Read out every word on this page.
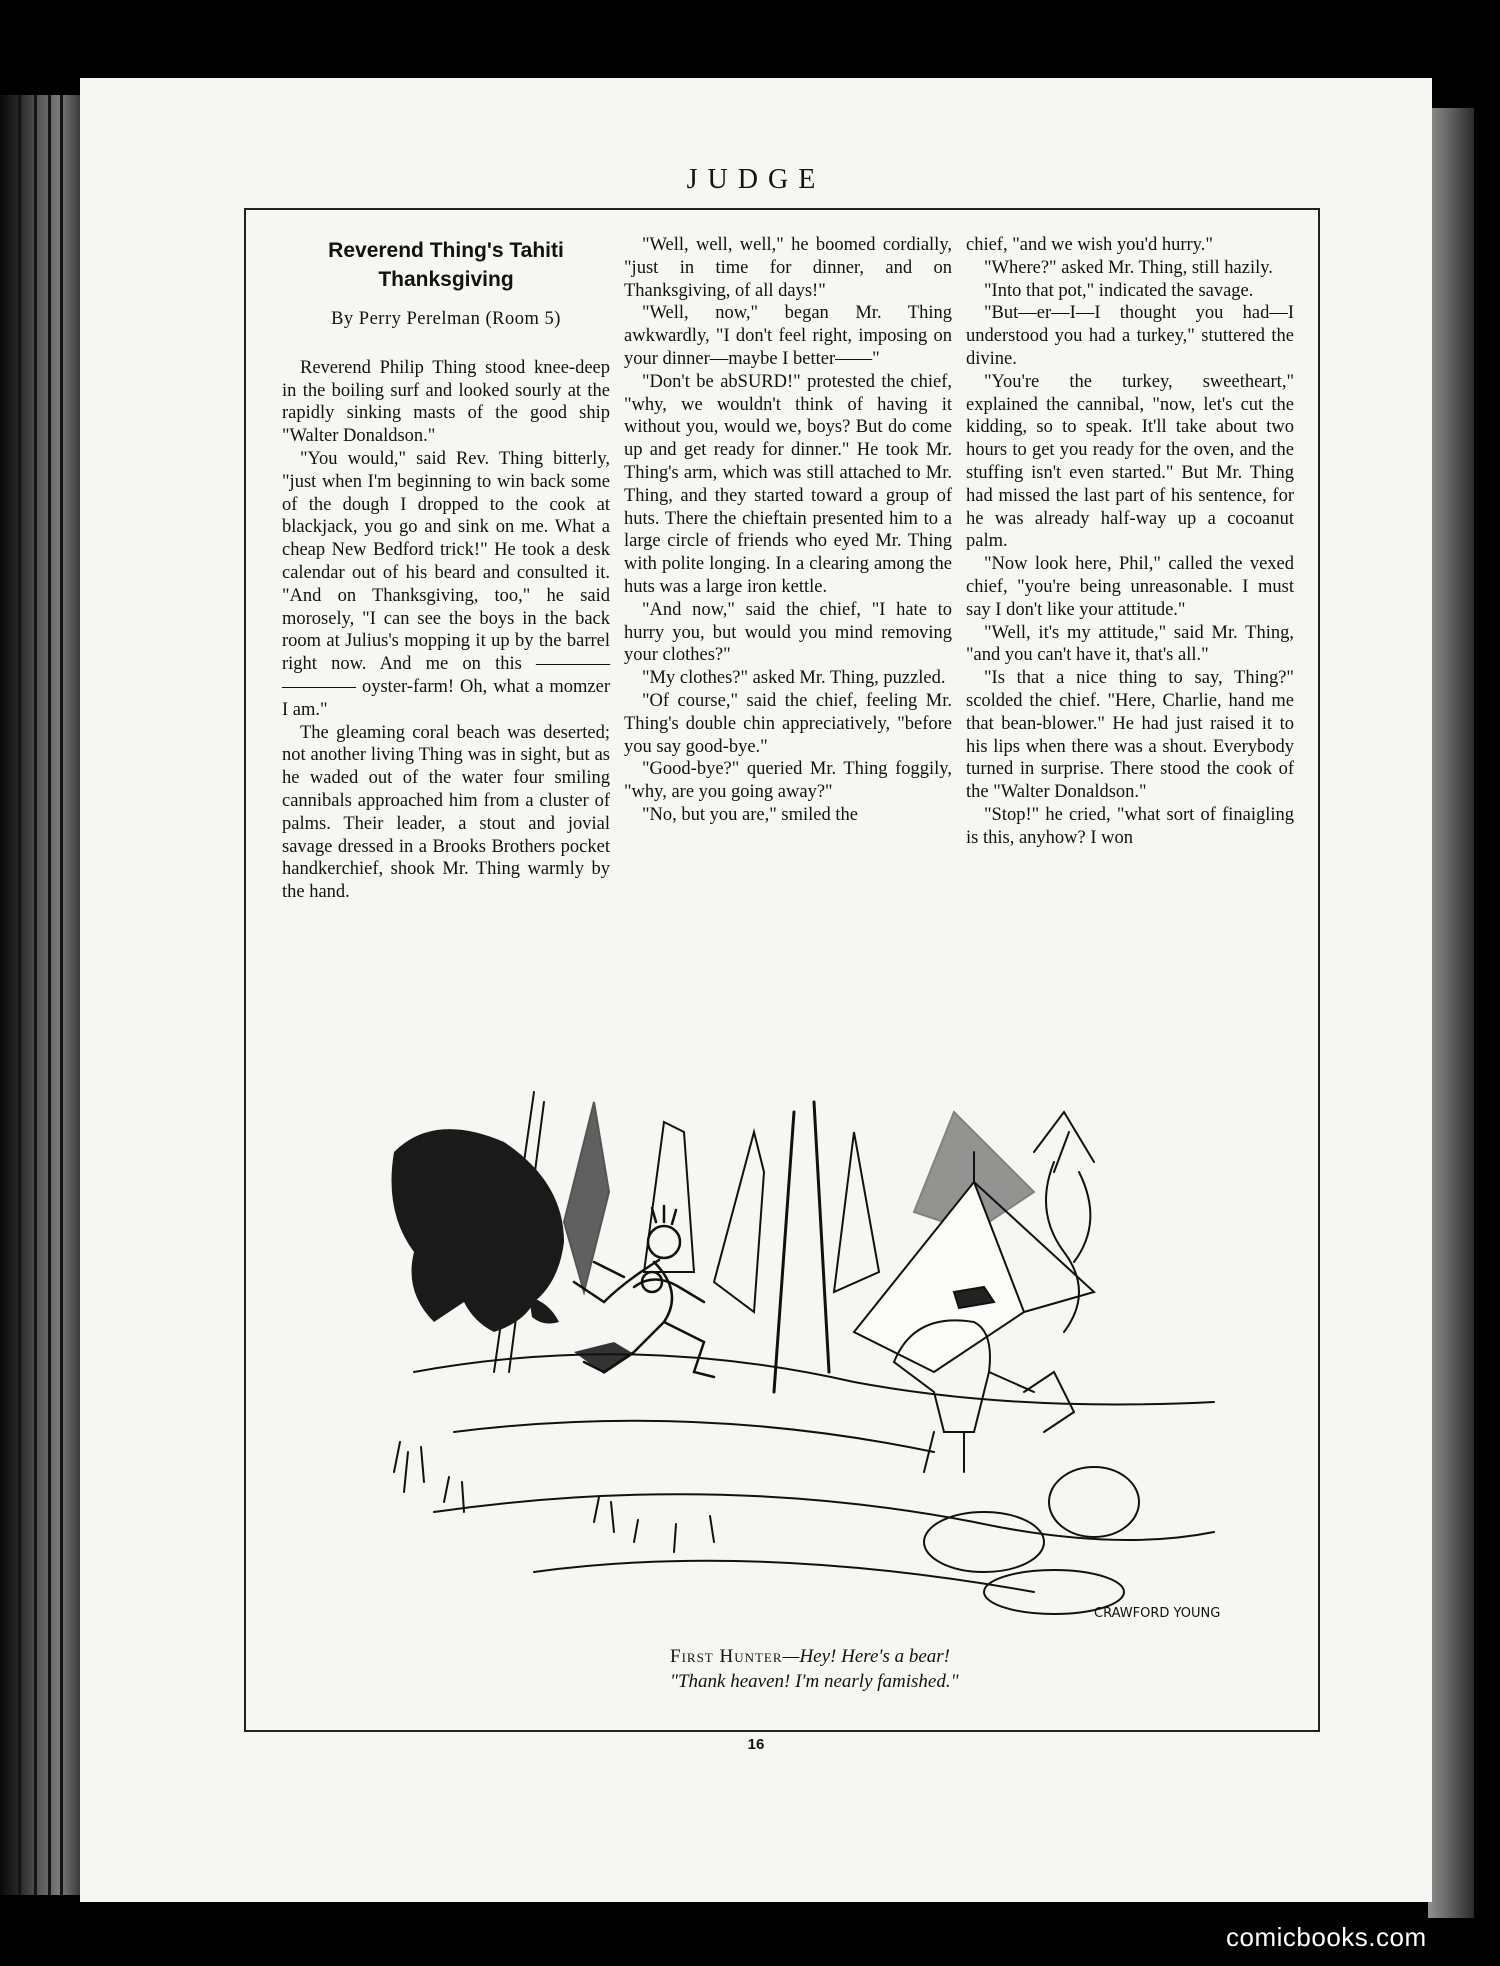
JUDGE
Reverend Thing's Tahiti Thanksgiving
By Perry Perelman (Room 5)

Reverend Philip Thing stood knee-deep in the boiling surf and looked sourly at the rapidly sinking masts of the good ship "Walter Donaldson."

"You would," said Rev. Thing bitterly, "just when I'm beginning to win back some of the dough I dropped to the cook at blackjack, you go and sink on me. What a cheap New Bedford trick!" He took a desk calendar out of his beard and consulted it. "And on Thanksgiving, too," he said morosely, "I can see the boys in the back room at Julius's mopping it up by the barrel right now. And me on this ———— ———— oyster-farm! Oh, what a momzer I am."

The gleaming coral beach was deserted; not another living Thing was in sight, but as he waded out of the water four smiling cannibals approached him from a cluster of palms. Their leader, a stout and jovial savage dressed in a Brooks Brothers pocket handkerchief, shook Mr. Thing warmly by the hand.

"Well, well, well," he boomed cordially, "just in time for dinner, and on Thanksgiving, of all days!"

"Well, now," began Mr. Thing awkwardly, "I don't feel right, imposing on your dinner—maybe I better——"

"Don't be abSURD!" protested the chief, "why, we wouldn't think of having it without you, would we, boys? But do come up and get ready for dinner." He took Mr. Thing's arm, which was still attached to Mr. Thing, and they started toward a group of huts. There the chieftain presented him to a large circle of friends who eyed Mr. Thing with polite longing. In a clearing among the huts was a large iron kettle.

"And now," said the chief, "I hate to hurry you, but would you mind removing your clothes?"

"My clothes?" asked Mr. Thing, puzzled.

"Of course," said the chief, feeling Mr. Thing's double chin appreciatively, "before you say good-bye."

"Good-bye?" queried Mr. Thing foggily, "why, are you going away?"

"No, but you are," smiled the

chief, "and we wish you'd hurry."

"Where?" asked Mr. Thing, still hazily.

"Into that pot," indicated the savage.

"But—er—I—I thought you had—I understood you had a turkey," stuttered the divine.

"You're the turkey, sweetheart," explained the cannibal, "now, let's cut the kidding, so to speak. It'll take about two hours to get you ready for the oven, and the stuffing isn't even started." But Mr. Thing had missed the last part of his sentence, for he was already half-way up a cocoanut palm.

"Now look here, Phil," called the vexed chief, "you're being unreasonable. I must say I don't like your attitude."

"Well, it's my attitude," said Mr. Thing, "and you can't have it, that's all."

"Is that a nice thing to say, Thing?" scolded the chief. "Here, Charlie, hand me that bean-blower." He had just raised it to his lips when there was a shout. Everybody turned in surprise. There stood the cook of the "Walter Donaldson."

"Stop!" he cried, "what sort of finaigling is this, anyhow? I won

CRAWFORD YOUNG
First Hunter—Hey! Here's a bear!
"Thank heaven! I'm nearly famished."
16
comicbooks.com
